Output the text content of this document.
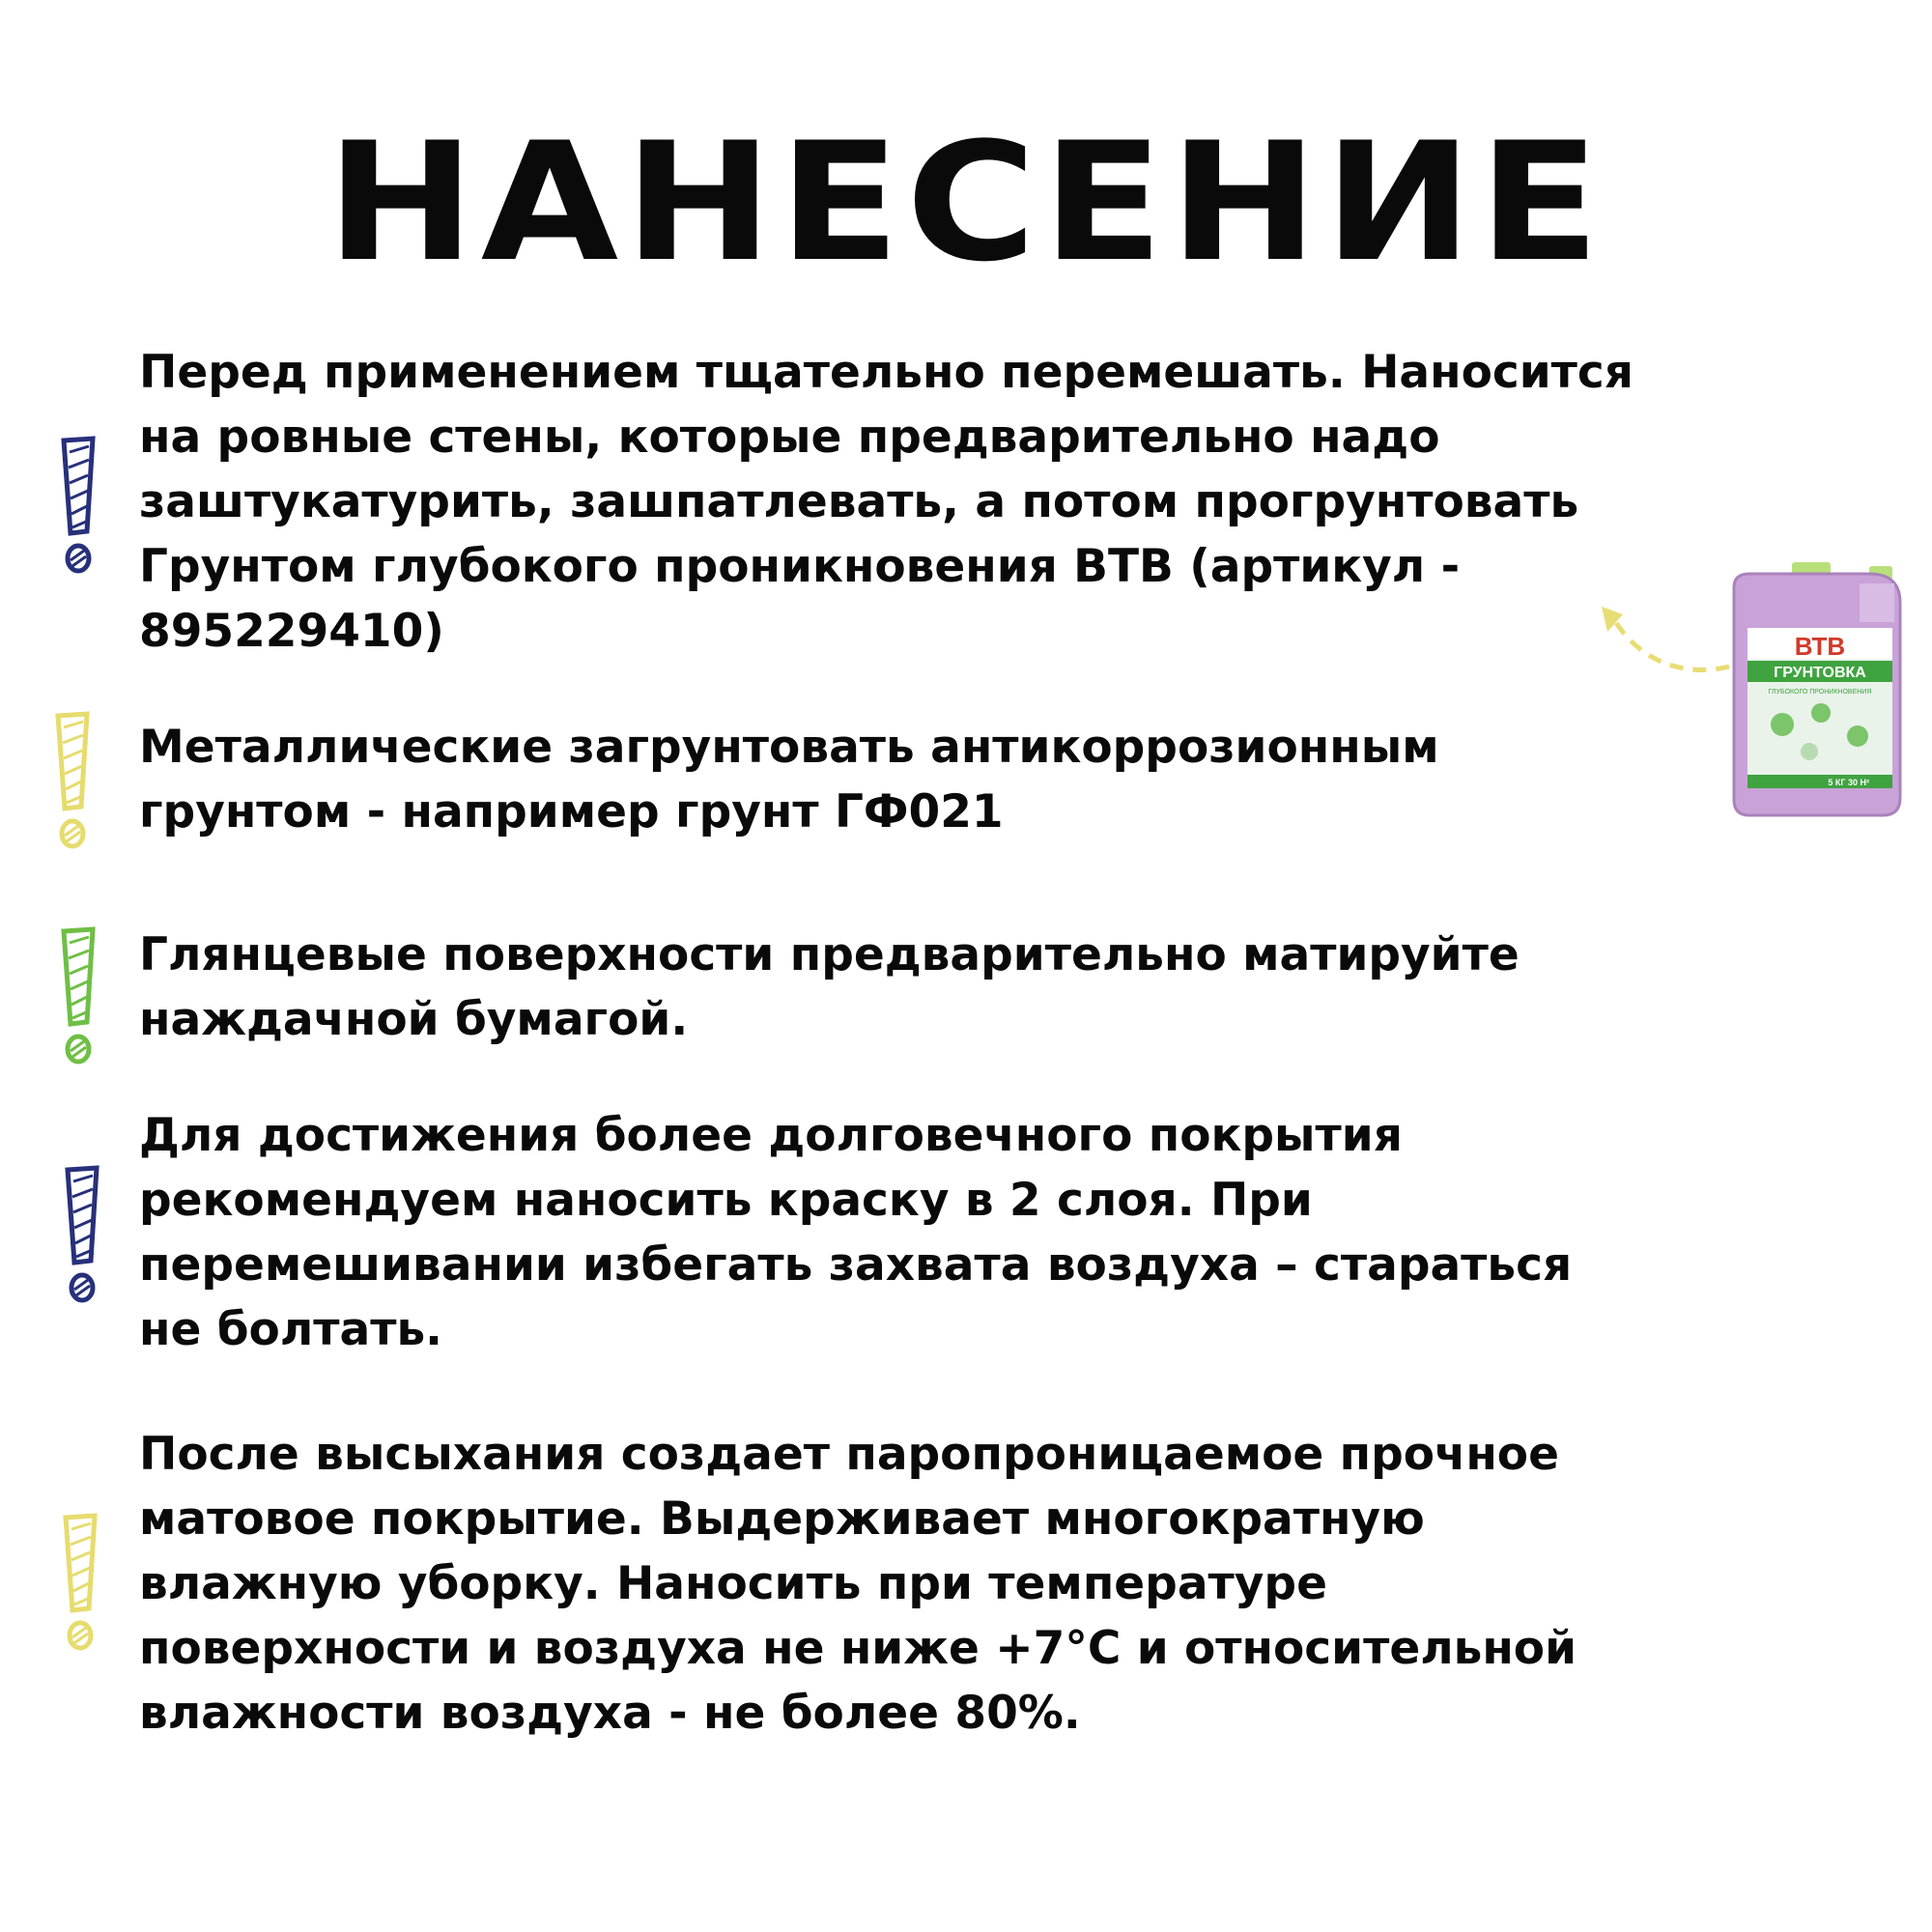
НАНЕСЕНИЕ
Перед применением тщательно перемешать. Наносится
на ровные стены, которые предварительно надо
заштукатурить, зашпатлевать, а потом прогрунтовать
Грунтом глубокого проникновения ВТВ (артикул -
895229410)
Металлические загрунтовать антикоррозионным
грунтом - например грунт ГФ021
Глянцевые поверхности предварительно матируйте
наждачной бумагой.
Для достижения более долговечного покрытия
рекомендуем наносить краску в 2 слоя. При
перемешивании избегать захвата воздуха – стараться
не болтать.
После высыхания создает паропроницаемое прочное
матовое покрытие. Выдерживает многократную
влажную уборку. Наносить при температуре
поверхности и воздуха не ниже +7°С и относительной
влажности воздуха - не более 80%.
ВТВ
ГРУНТОВКА
ГЛУБОКОГО ПРОНИКНОВЕНИЯ
5 КГ 30 Н²
